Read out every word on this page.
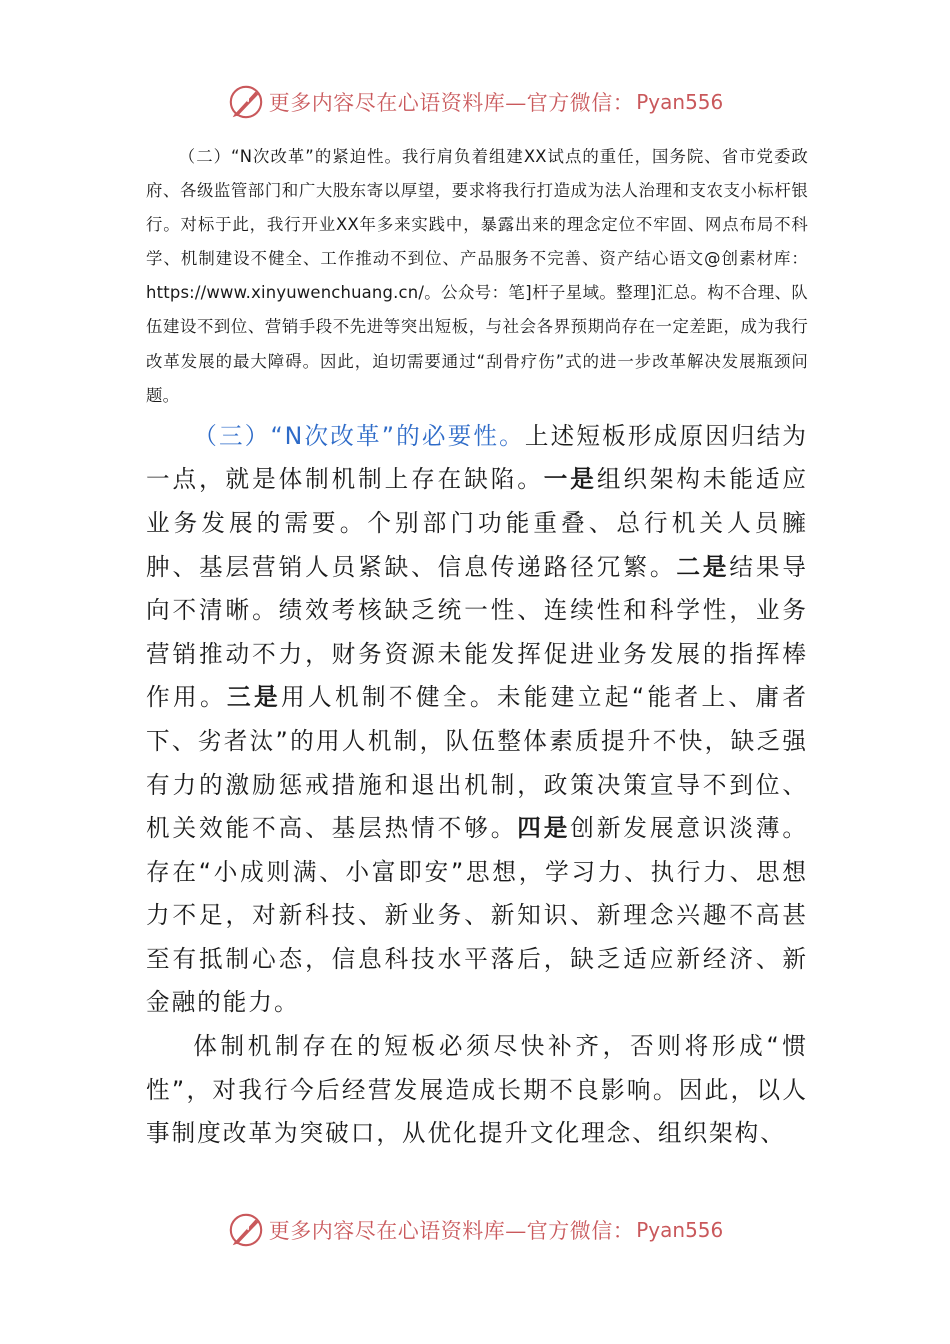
更多内容尽在心语资料库—官方微信： Pyan556

（二）“N次改革”的紧迫性。我行肩负着组建XX试点的重任，国务院、省市党委政府、各级监管部门和广大股东寄以厚望，要求将我行打造成为法人治理和支农支小标杆银行。对标于此，我行开业XX年多来实践中，暴露出来的理念定位不牢固、网点布局不科学、机制建设不健全、工作推动不到位、产品服务不完善、资产结心语文@创素材库：https://www.xinyuwenchuang.cn/。公众号：笔]杆子星域。整理]汇总。构不合理、队伍建设不到位、营销手段不先进等突出短板，与社会各界预期尚存在一定差距，成为我行改革发展的最大障碍。因此，迫切需要通过“刮骨疗伤”式的进一步改革解决发展瓶颈问题。

（三）“N次改革”的必要性。上述短板形成原因归结为一点，就是体制机制上存在缺陷。一是组织架构未能适应业务发展的需要。个别部门功能重叠、总行机关人员臃肿、基层营销人员紧缺、信息传递路径冗繁。二是结果导向不清晰。绩效考核缺乏统一性、连续性和科学性，业务营销推动不力，财务资源未能发挥促进业务发展的指挥棒作用。三是用人机制不健全。未能建立起“能者上、庸者下、劣者汰”的用人机制，队伍整体素质提升不快，缺乏强有力的激励惩戒措施和退出机制，政策决策宣导不到位、机关效能不高、基层热情不够。四是创新发展意识淡薄。存在“小成则满、小富即安”思想，学习力、执行力、思想力不足，对新科技、新业务、新知识、新理念兴趣不高甚至有抵制心态，信息科技水平落后，缺乏适应新经济、新金融的能力。

体制机制存在的短板必须尽快补齐，否则将形成“惯性”，对我行今后经营发展造成长期不良影响。因此，以人事制度改革为突破口，从优化提升文化理念、组织架构、

更多内容尽在心语资料库—官方微信： Pyan556
